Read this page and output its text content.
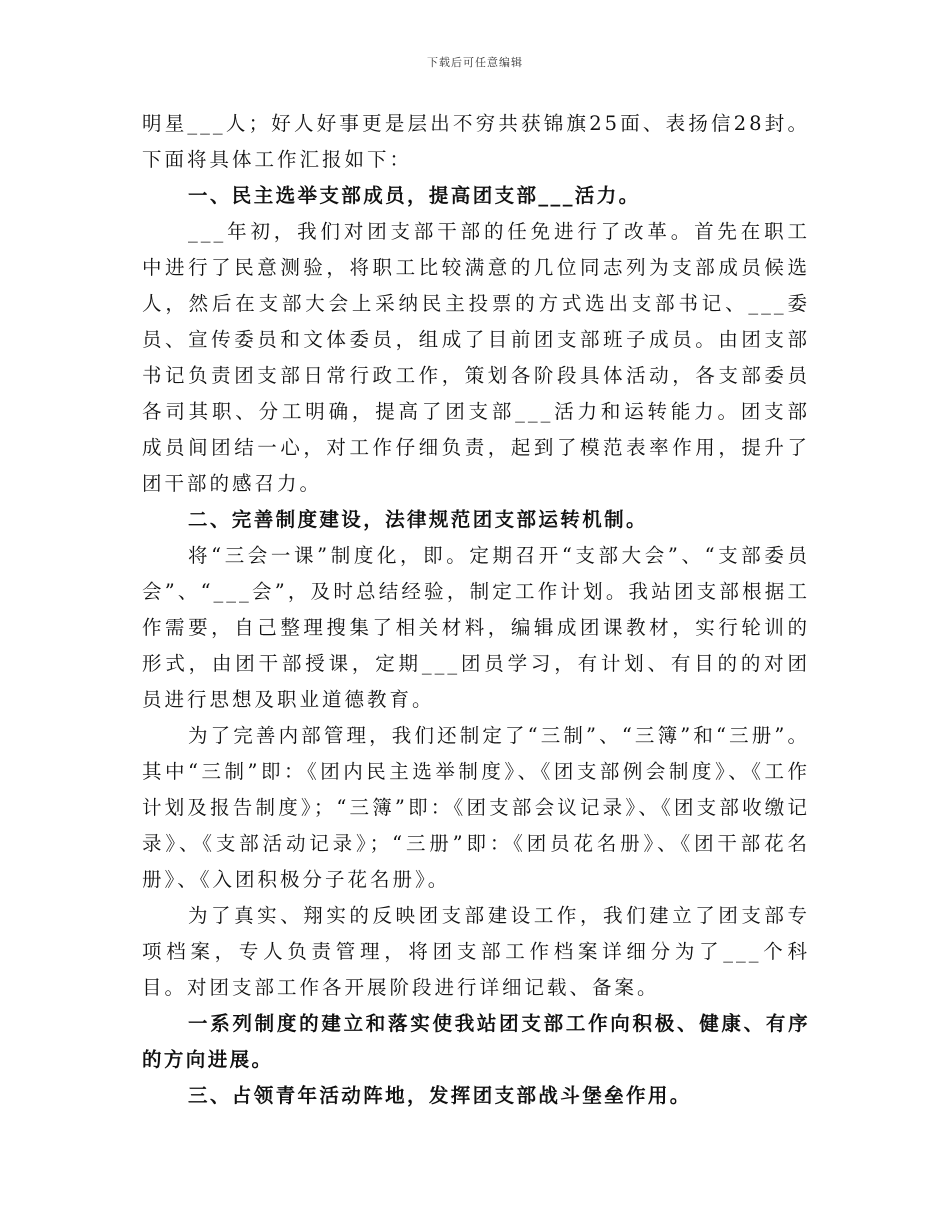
下载后可任意编辑

明星___人；好人好事更是层出不穷共获锦旗25面、表扬信28封。下面将具体工作汇报如下：

一、民主选举支部成员，提高团支部___活力。

___年初，我们对团支部干部的任免进行了改革。首先在职工中进行了民意测验，将职工比较满意的几位同志列为支部成员候选人，然后在支部大会上采纳民主投票的方式选出支部书记、___委员、宣传委员和文体委员，组成了目前团支部班子成员。由团支部书记负责团支部日常行政工作，策划各阶段具体活动，各支部委员各司其职、分工明确，提高了团支部___活力和运转能力。团支部成员间团结一心，对工作仔细负责，起到了模范表率作用，提升了团干部的感召力。

二、完善制度建设，法律规范团支部运转机制。

将“三会一课”制度化，即。定期召开“支部大会”、“支部委员会”、“___会”，及时总结经验，制定工作计划。我站团支部根据工作需要，自己整理搜集了相关材料，编辑成团课教材，实行轮训的形式，由团干部授课，定期___团员学习，有计划、有目的的对团员进行思想及职业道德教育。

为了完善内部管理，我们还制定了“三制”、“三簿”和“三册”。其中“三制”即：《团内民主选举制度》、《团支部例会制度》、《工作计划及报告制度》；“三簿”即：《团支部会议记录》、《团支部收缴记录》、《支部活动记录》；“三册”即：《团员花名册》、《团干部花名册》、《入团积极分子花名册》。

为了真实、翔实的反映团支部建设工作，我们建立了团支部专项档案，专人负责管理，将团支部工作档案详细分为了___个科目。对团支部工作各开展阶段进行详细记载、备案。

一系列制度的建立和落实使我站团支部工作向积极、健康、有序的方向进展。

三、占领青年活动阵地，发挥团支部战斗堡垒作用。
